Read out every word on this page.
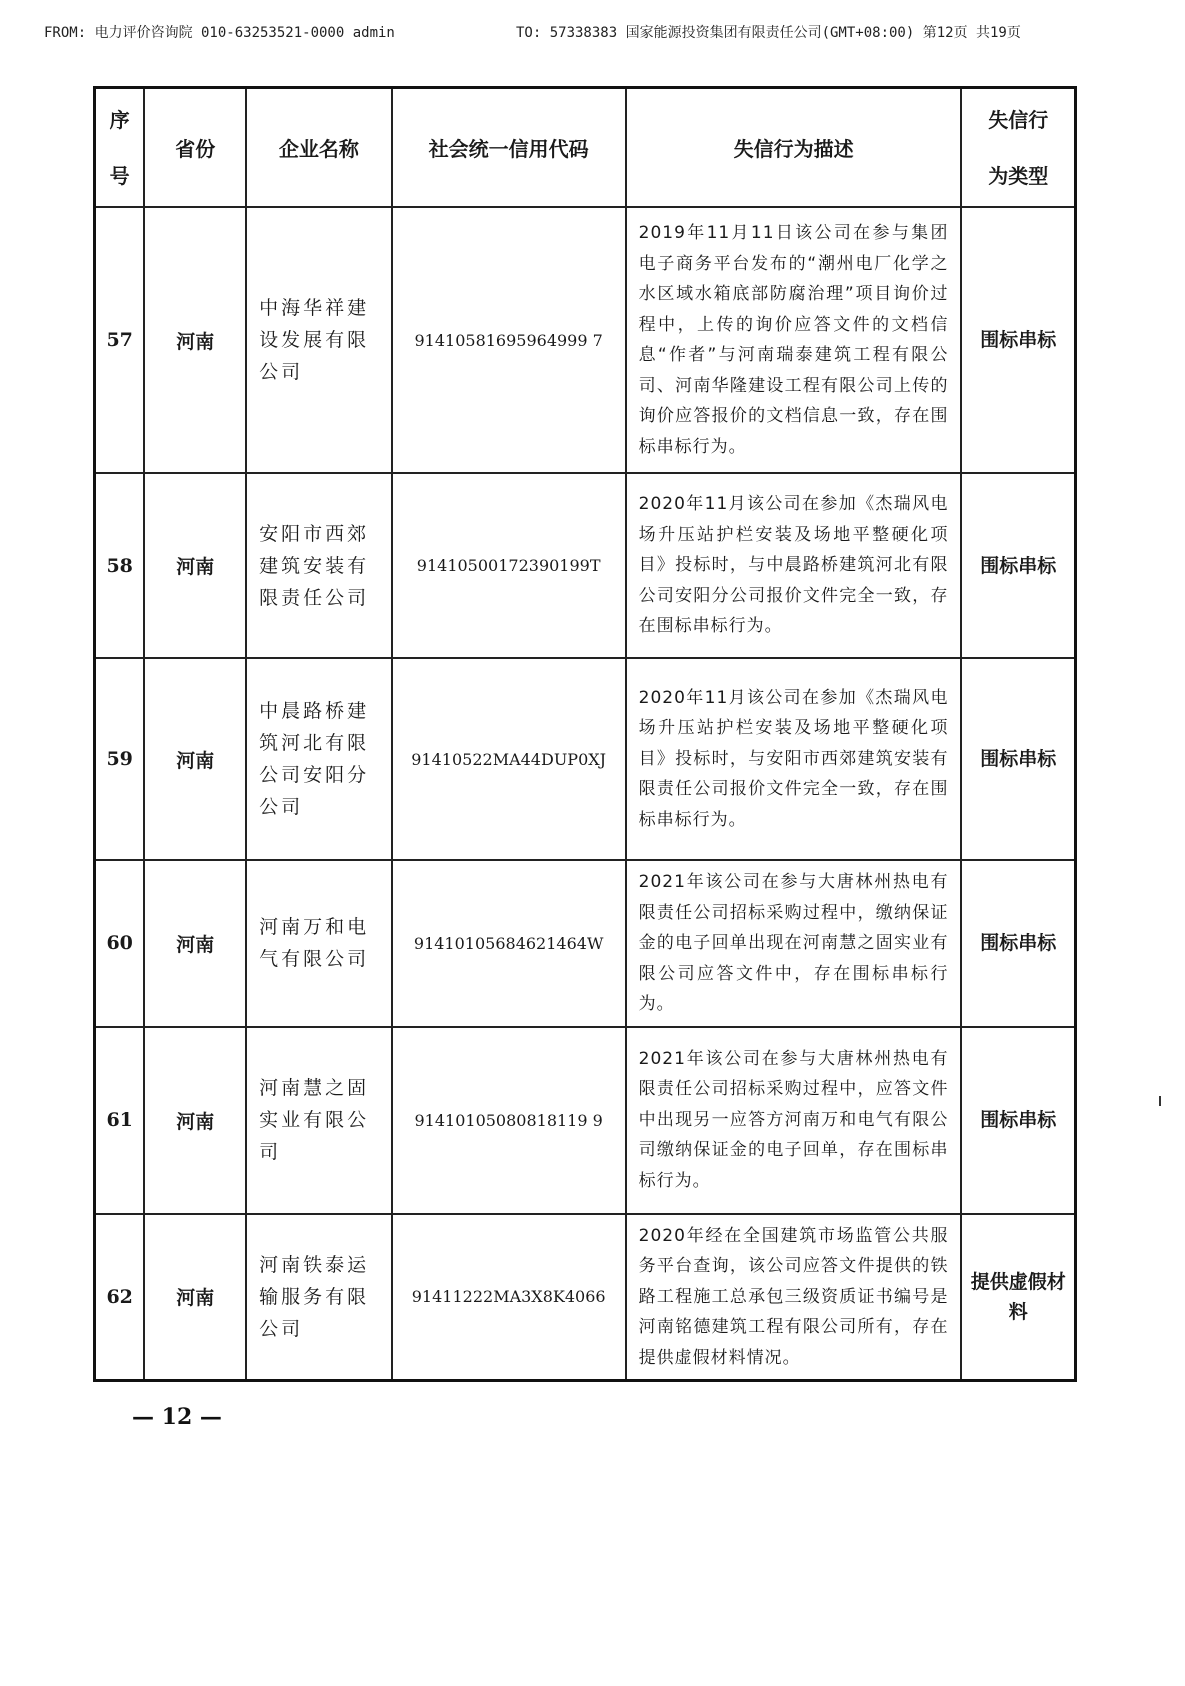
FROM: 电力评价咨询院 010-63253521-0000 admin	TO: 57338383 国家能源投资集团有限责任公司(GMT+08:00) 第12页 共19页
序号	省份	企业名称	社会统一信用代码	失信行为描述	失信行为类型
57	河南	中海华祥建设发展有限公司	91410581695964999 7	2019年11月11日该公司在参与集团电子商务平台发布的“潮州电厂化学之水区域水箱底部防腐治理”项目询价过程中，上传的询价应答文件的文档信息“作者”与河南瑞泰建筑工程有限公司、河南华隆建设工程有限公司上传的询价应答报价的文档信息一致，存在围标串标行为。	围标串标
58	河南	安阳市西郊建筑安装有限责任公司	91410500172390199T	2020年11月该公司在参加《杰瑞风电场升压站护栏安装及场地平整硬化项目》投标时，与中晨路桥建筑河北有限公司安阳分公司报价文件完全一致，存在围标串标行为。	围标串标
59	河南	中晨路桥建筑河北有限公司安阳分公司	91410522MA44DUP0XJ	2020年11月该公司在参加《杰瑞风电场升压站护栏安装及场地平整硬化项目》投标时，与安阳市西郊建筑安装有限责任公司报价文件完全一致，存在围标串标行为。	围标串标
60	河南	河南万和电气有限公司	91410105684621464W	2021年该公司在参与大唐林州热电有限责任公司招标采购过程中，缴纳保证金的电子回单出现在河南慧之固实业有限公司应答文件中，存在围标串标行为。	围标串标
61	河南	河南慧之固实业有限公司	91410105080818119 9	2021年该公司在参与大唐林州热电有限责任公司招标采购过程中，应答文件中出现另一应答方河南万和电气有限公司缴纳保证金的电子回单，存在围标串标行为。	围标串标
62	河南	河南铁泰运输服务有限公司	91411222MA3X8K4066	2020年经在全国建筑市场监管公共服务平台查询，该公司应答文件提供的铁路工程施工总承包三级资质证书编号是河南铭德建筑工程有限公司所有，存在提供虚假材料情况。	提供虚假材料
— 12 —
